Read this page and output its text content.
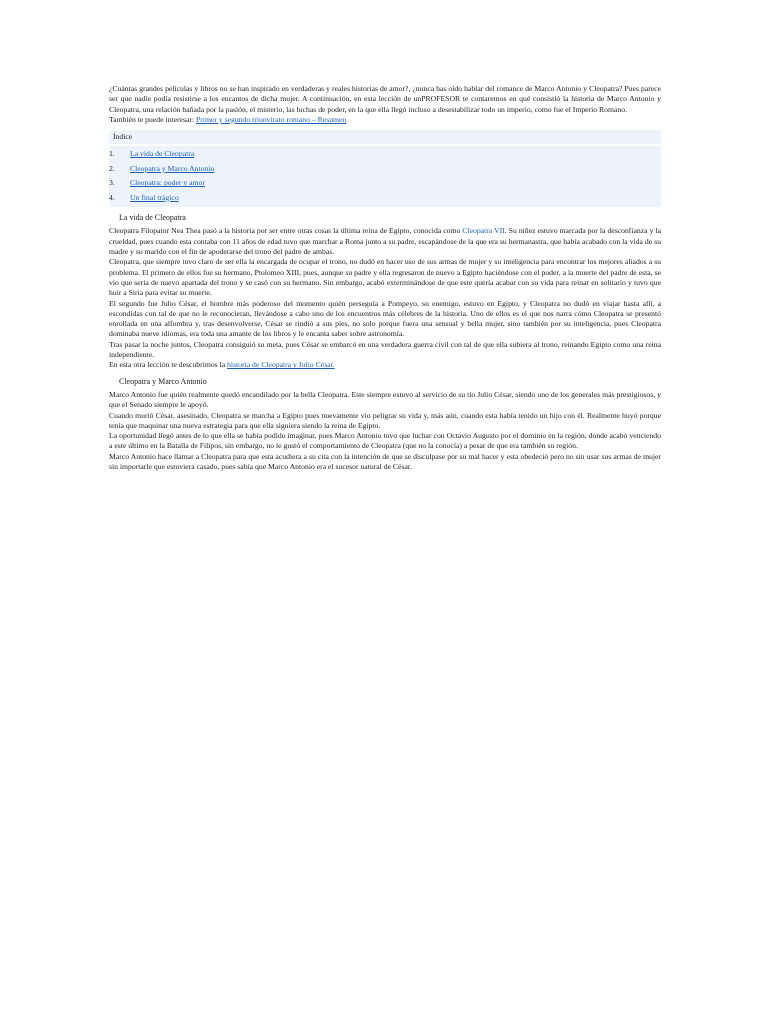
¿Cuántas grandes películas y libros no se han inspirado en verdaderas y reales historias de amor?, ¿nunca has oído hablar del romance de Marco Antonio y Cleopatra? Pues parece ser que nadie podía resistirse a los encantos de dicha mujer. A continuación, en esta lección de unPROFESOR te contaremos en qué consistió la historia de Marco Antonio y Cleopatra, una relación bañada por la pasión, el misterio, las luchas de poder, en la que ella llegó incluso a desestabilizar todo un imperio, como fue el Imperio Romano.

También te puede interesar: Primer y segundo triunvirato romano – Resumen

Índice
1.	La vida de Cleopatra
2.	Cleopatra y Marco Antonio
3.	Cleopatra: poder y amor
4.	Un final trágico
La vida de Cleopatra

Cleopatra Filopator Nea Thea pasó a la historia por ser entre otras cosas la última reina de Egipto, conocida como Cleopatra VII. Su niñez estuvo marcada por la desconfianza y la crueldad, pues cuando esta contaba con 11 años de edad tuvo que marchar a Roma junto a su padre, escapándose de la que era su hermanastra, que había acabado con la vida de su madre y su marido con el fin de apoderarse del trono del padre de ambas.

Cleopatra, que siempre tuvo claro de ser ella la encargada de ocupar el trono, no dudó en hacer uso de sus armas de mujer y su inteligencia para encontrar los mejores aliados a su problema. El primero de ellos fue su hermano, Ptolomeo XIII, pues, aunque su padre y ella regresaron de nuevo a Egipto haciéndose con el poder, a la muerte del padre de esta, se vio que sería de nuevo apartada del trono y se casó con su hermano. Sin embargo, acabó exterminándose de que este quería acabar con su vida para reinar en solitario y tuvo que huir a Siria para evitar su muerte.

El segundo fue Julio César, el hombre más poderoso del momento quién perseguía a Pompeyo, su enemigo, estuvo en Egipto, y Cleopatra no dudó en viajar hasta allí, a escondidas con tal de que no le reconocieran, llevándose a cabo uno de los encuentros más célebres de la historia. Uno de ellos es el que nos narra cómo Cleopatra se presentó enrollada en una alfombra y, tras desenvolverse, César se rindió a sus pies, no solo porque fuera una sensual y bella mujer, sino también por su inteligencia, pues Cleopatra dominaba nueve idiomas, era toda una amante de los libros y le encanta saber sobre astronomía.

Tras pasar la noche juntos, Cleopatra consiguió su meta, pues César se embarcó en una verdadera guerra civil con tal de que ella subiera al trono, reinando Egipto como una reina independiente.

En esta otra lección te descubrimos la historia de Cleopatra y Julio César.

Cleopatra y Marco Antonio

Marco Antonio fue quién realmente quedó encandilado por la bella Cleopatra. Este siempre estuvo al servicio de su tío Julio César, siendo uno de los generales más prestigiosos, y que el Senado siempre le apoyó.

Cuando murió César, asesinado, Cleopatra se marcha a Egipto pues nuevamente vio peligrar su vida y, más aún, cuando esta había tenido un hijo con él. Realmente huyó porque tenía que maquinar una nueva estrategia para que ella siguiera siendo la reina de Egipto.

La oportunidad llegó antes de lo que ella se había podido imaginar, pues Marco Antonio tuvo que luchar con Octavio Augusto por el dominio en la región, donde acabó venciendo a este último en la Batalla de Filipos, sin embargo, no le gustó el comportamiento de Cleopatra (que no la conocía) a pesar de que era también su región.

Marco Antonio hace llamar a Cleopatra para que esta acudiera a su cita con la intención de que se disculpase por su mal hacer y esta obedeció pero no sin usar sus armas de mujer sin importarle que estuviera casado, pues sabía que Marco Antonio era el sucesor natural de César.
